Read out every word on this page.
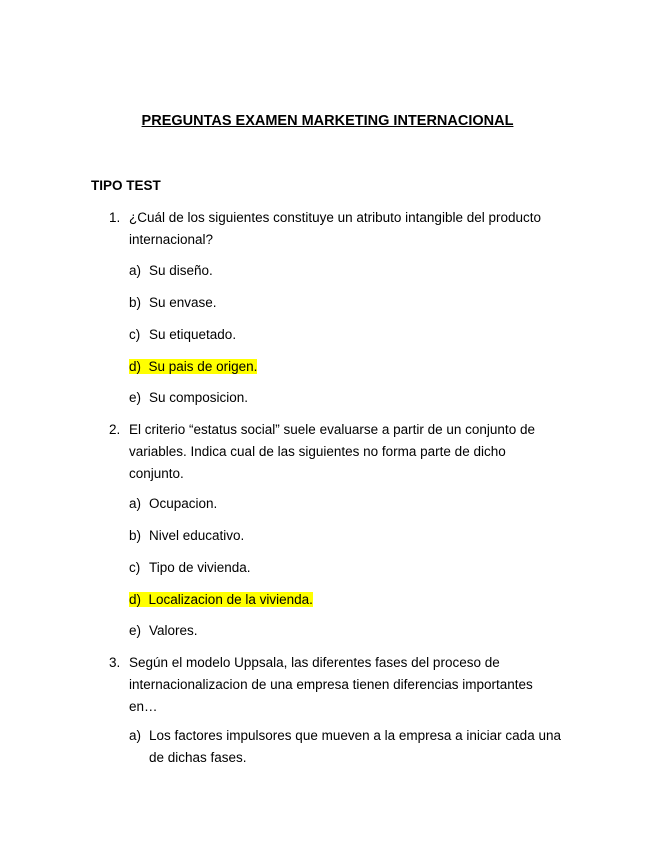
PREGUNTAS EXAMEN MARKETING INTERNACIONAL
TIPO TEST
1. ¿Cuál de los siguientes constituye un atributo intangible del producto internacional?
a) Su diseño.
b) Su envase.
c) Su etiquetado.
d) Su pais de origen.
e) Su composicion.
2. El criterio “estatus social” suele evaluarse a partir de un conjunto de variables. Indica cual de las siguientes no forma parte de dicho conjunto.
a) Ocupacion.
b) Nivel educativo.
c) Tipo de vivienda.
d) Localizacion de la vivienda.
e) Valores.
3. Según el modelo Uppsala, las diferentes fases del proceso de internacionalizacion de una empresa tienen diferencias importantes en…
a) Los factores impulsores que mueven a la empresa a iniciar cada una de dichas fases.
